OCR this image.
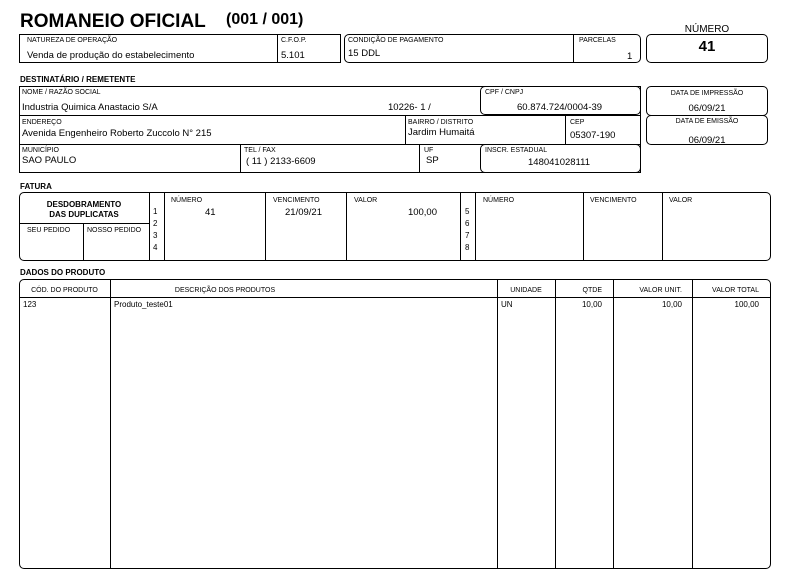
ROMANEIO OFICIAL (001 / 001)
NATUREZA DE OPERAÇÃO
Venda de produção do estabelecimento
C.F.O.P.
5.101
CONDIÇÃO DE PAGAMENTO
15 DDL
PARCELAS
1
NÚMERO
41
DESTINATÁRIO / REMETENTE
NOME / RAZÃO SOCIAL
Industria Quimica Anastacio S/A	10226- 1 /
CPF / CNPJ
60.874.724/0004-39
ENDEREÇO
Avenida Engenheiro Roberto Zuccolo N° 215
BAIRRO / DISTRITO
Jardim Humaitá
CEP
05307-190
MUNICÍPIO
SAO PAULO
TEL / FAX
( 11 ) 2133-6609
UF
SP
INSCR. ESTADUAL
148041028111
DATA DE IMPRESSÃO
06/09/21
DATA DE EMISSÃO
06/09/21
FATURA
DESDOBRAMENTO
DAS DUPLICATAS
SEU PEDIDO NOSSO PEDIDO
1
2
3
4
5
6
7
8
NÚMERO	VENCIMENTO	VALOR	NÚMERO	VENCIMENTO	VALOR
41	21/09/21	100,00
DADOS DO PRODUTO
CÓD. DO PRODUTO	DESCRIÇÃO DOS PRODUTOS	UNIDADE	QTDE	VALOR UNIT.	VALOR TOTAL
123	Produto_teste01	UN	10,00	10,00	100,00
